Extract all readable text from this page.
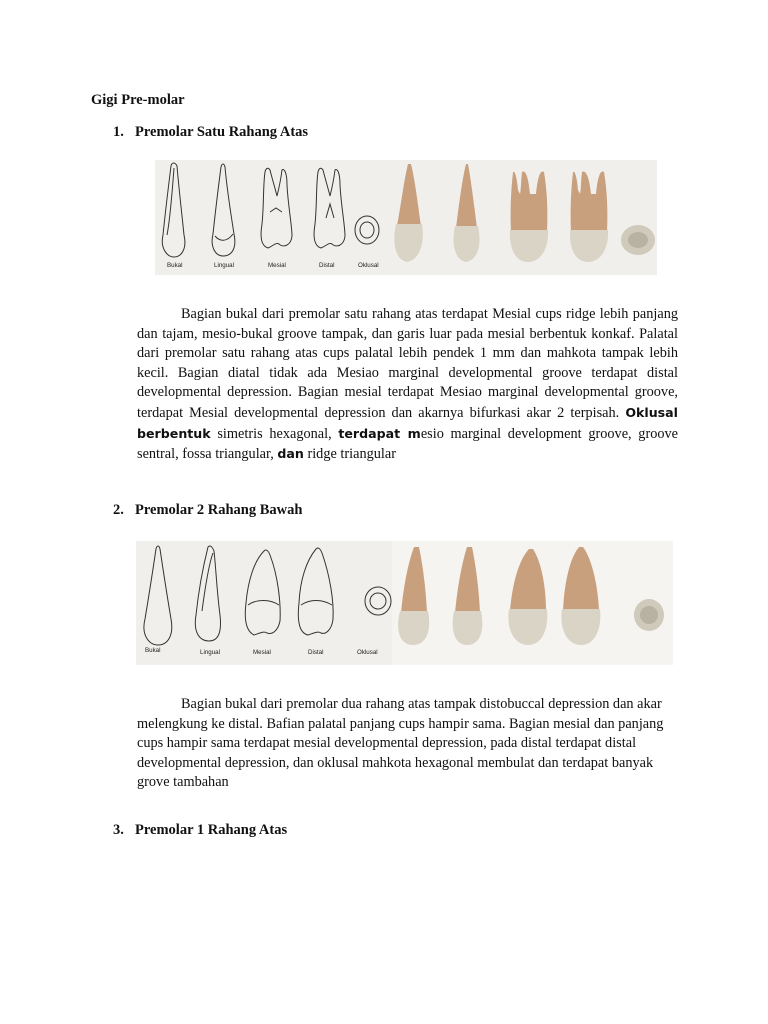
Gigi Pre-molar
1. Premolar Satu Rahang Atas
Bukal	Lingual	Mesial	Distal	Oklusal
Bagian bukal dari premolar satu rahang atas terdapat Mesial cups ridge lebih panjang dan tajam, mesio-bukal groove tampak, dan garis luar pada mesial berbentuk konkaf. Palatal dari premolar satu rahang atas cups palatal lebih pendek 1 mm dan mahkota tampak lebih kecil. Bagian diatal tidak ada Mesiao marginal developmental groove terdapat distal developmental depression. Bagian mesial terdapat Mesiao marginal developmental groove, terdapat Mesial developmental depression dan akarnya bifurkasi akar 2 terpisah. Oklusal berbentuk simetris hexagonal, terdapat mesio marginal development groove, groove sentral, fossa triangular, dan ridge triangular
2. Premolar 2 Rahang Bawah
Bukal	Lingual	Mesial	Distal	Oklusal
Bagian bukal dari premolar dua rahang atas tampak distobuccal depression dan akar melengkung ke distal. Bafian palatal panjang cups hampir sama. Bagian mesial dan panjang cups hampir sama terdapat mesial developmental depression, pada distal terdapat distal developmental depression, dan oklusal mahkota hexagonal membulat dan terdapat banyak grove tambahan
3. Premolar 1 Rahang Atas
